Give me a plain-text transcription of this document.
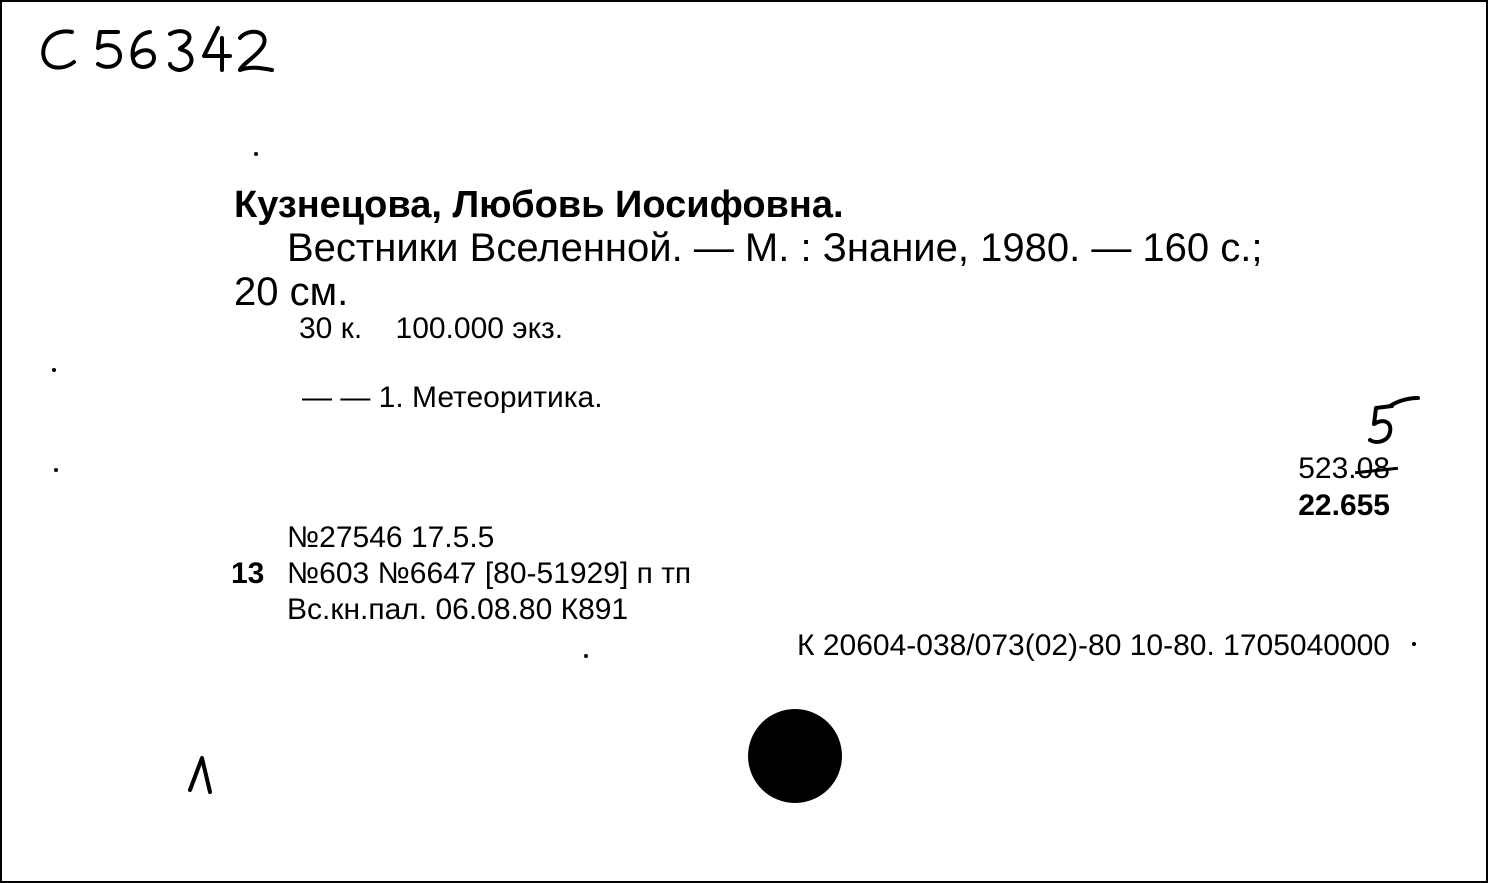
Кузнецова, Любовь Иосифовна.
Вестники Вселенной. — М. : Знание, 1980. — 160 с.;
20 см.
30 к.    100.000 экз.
— — 1. Метеоритика.
523.08
22.655
№27546 17.5.5
13 №603 №6647 [80-51929] п тп
Вс.кн.пал. 06.08.80 К891
К 20604-038/073(02)-80 10-80. 1705040000
